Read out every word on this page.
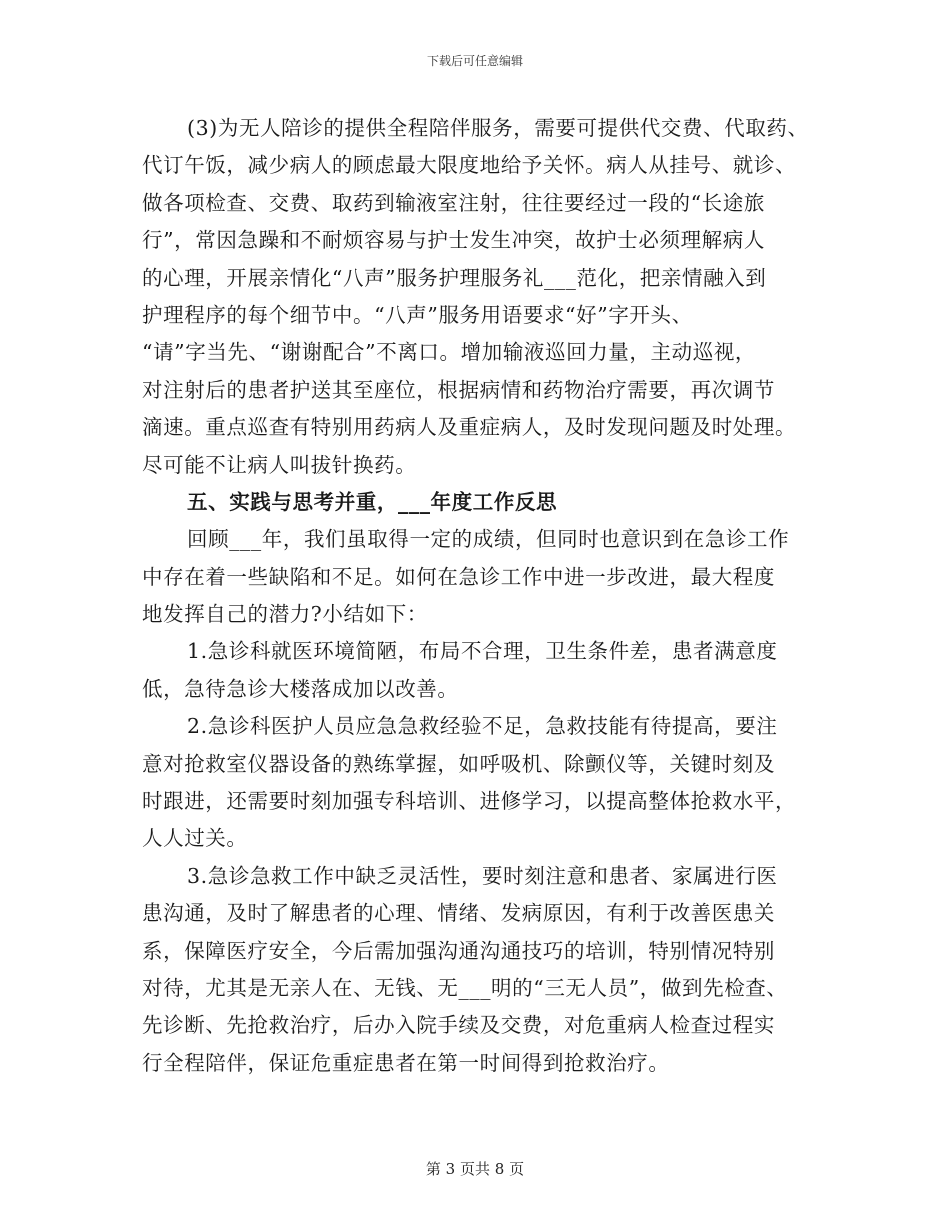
下载后可任意编辑
(3)为无人陪诊的提供全程陪伴服务，需要可提供代交费、代取药、
代订午饭，减少病人的顾虑最大限度地给予关怀。病人从挂号、就诊、
做各项检查、交费、取药到输液室注射，往往要经过一段的“长途旅
行”，常因急躁和不耐烦容易与护士发生冲突，故护士必须理解病人
的心理，开展亲情化“八声”服务护理服务礼___范化，把亲情融入到
护理程序的每个细节中。“八声”服务用语要求“好”字开头、
“请”字当先、“谢谢配合”不离口。增加输液巡回力量，主动巡视，
对注射后的患者护送其至座位，根据病情和药物治疗需要，再次调节
滴速。重点巡查有特别用药病人及重症病人，及时发现问题及时处理。
尽可能不让病人叫拔针换药。
五、实践与思考并重，___年度工作反思
回顾___年，我们虽取得一定的成绩，但同时也意识到在急诊工作
中存在着一些缺陷和不足。如何在急诊工作中进一步改进，最大程度
地发挥自己的潜力?小结如下：
1.急诊科就医环境简陋，布局不合理，卫生条件差，患者满意度
低，急待急诊大楼落成加以改善。
2.急诊科医护人员应急急救经验不足，急救技能有待提高，要注
意对抢救室仪器设备的熟练掌握，如呼吸机、除颤仪等，关键时刻及
时跟进，还需要时刻加强专科培训、进修学习，以提高整体抢救水平，
人人过关。
3.急诊急救工作中缺乏灵活性，要时刻注意和患者、家属进行医
患沟通，及时了解患者的心理、情绪、发病原因，有利于改善医患关
系，保障医疗安全，今后需加强沟通沟通技巧的培训，特别情况特别
对待，尤其是无亲人在、无钱、无___明的“三无人员”，做到先检查、
先诊断、先抢救治疗，后办入院手续及交费，对危重病人检查过程实
行全程陪伴，保证危重症患者在第一时间得到抢救治疗。
第 3 页共 8 页
